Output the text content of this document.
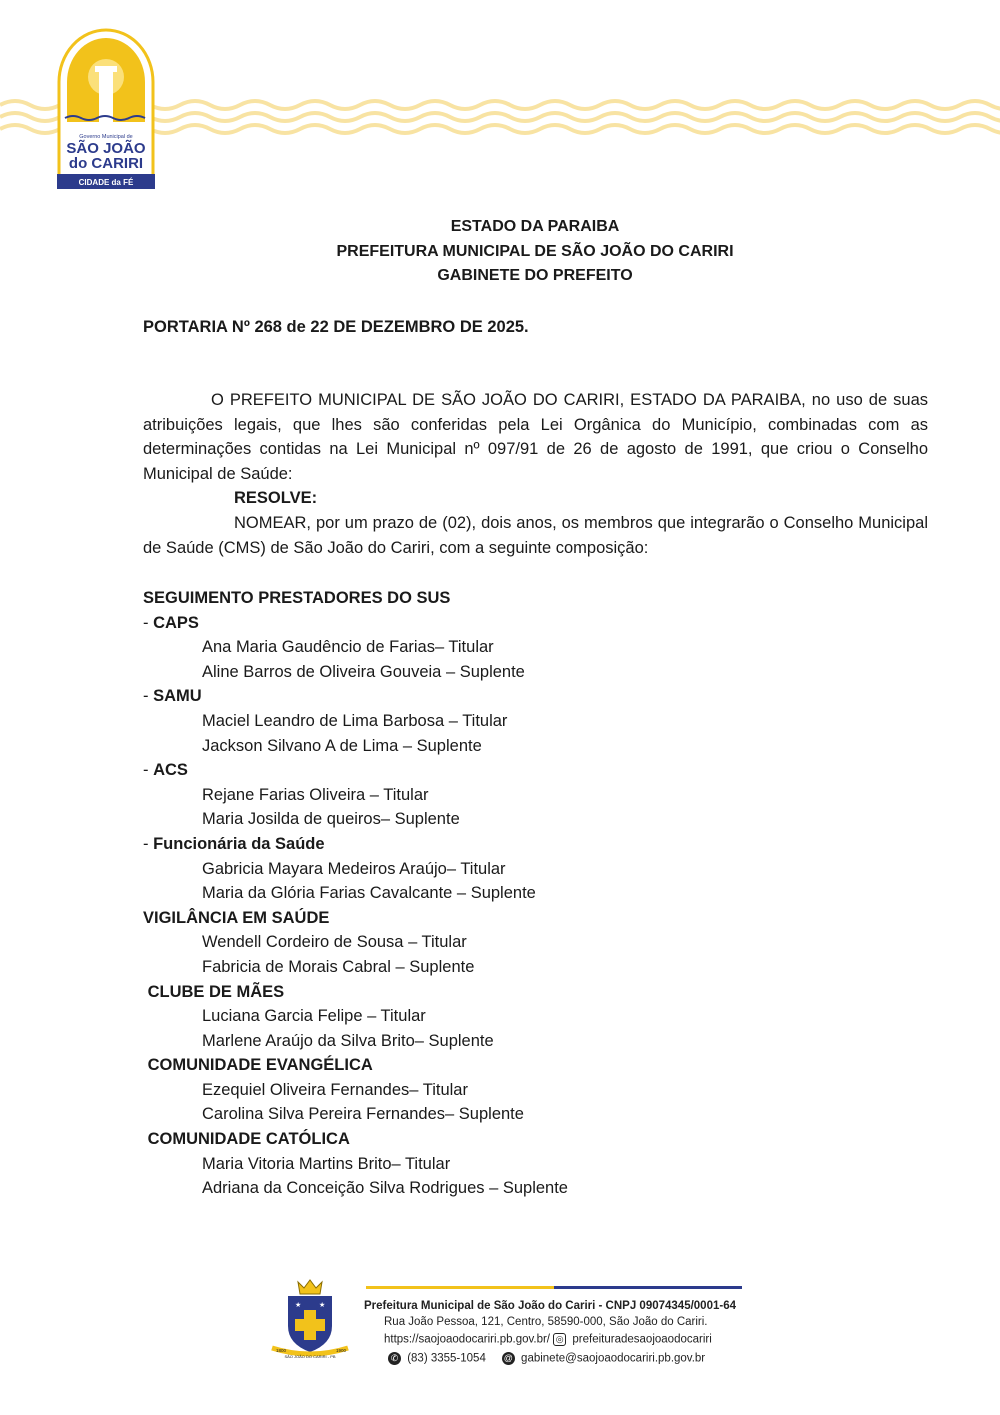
Governo Municipal de
SÃO JOÃO
do CARIRI
CIDADE da FÉ
ESTADO DA PARAIBA
PREFEITURA MUNICIPAL DE SÃO JOÃO DO CARIRI
GABINETE DO PREFEITO
PORTARIA Nº 268 de 22 DE DEZEMBRO DE 2025.
O PREFEITO MUNICIPAL DE SÃO JOÃO DO CARIRI, ESTADO DA PARAIBA, no uso de suas atribuições legais, que lhes são conferidas pela Lei Orgânica do Município, combinadas com as determinações contidas na Lei Municipal nº 097/91 de 26 de agosto de 1991, que criou o Conselho Municipal de Saúde:
RESOLVE:
NOMEAR, por um prazo de (02), dois anos, os membros que integrarão o Conselho Municipal de Saúde (CMS) de São João do Cariri, com a seguinte composição:
SEGUIMENTO PRESTADORES DO SUS
- CAPS
Ana Maria Gaudêncio de Farias– Titular
Aline Barros de Oliveira Gouveia – Suplente
- SAMU
Maciel Leandro de Lima Barbosa – Titular
Jackson Silvano A de Lima – Suplente
- ACS
Rejane Farias Oliveira – Titular
Maria Josilda de queiros– Suplente
- Funcionária da Saúde
Gabricia Mayara Medeiros Araújo– Titular
Maria da Glória Farias Cavalcante – Suplente
VIGILÂNCIA EM SAÚDE
Wendell Cordeiro de Sousa – Titular
Fabricia de Morais Cabral – Suplente
CLUBE DE MÃES
Luciana Garcia Felipe – Titular
Marlene Araújo da Silva Brito– Suplente
COMUNIDADE EVANGÉLICA
Ezequiel Oliveira Fernandes– Titular
Carolina Silva Pereira Fernandes– Suplente
COMUNIDADE CATÓLICA
Maria Vitoria Martins Brito– Titular
Adriana da Conceição Silva Rodrigues – Suplente
★	★
1800	1900
SÃO JOÃO DO CARIRI - PB
Prefeitura Municipal de São João do Cariri - CNPJ 09074345/0001-64
Rua João Pessoa, 121, Centro, 58590-000, São João do Cariri.
https://saojoaodocariri.pb.gov.br/ ◎ prefeituradesaojoaodocariri
✆ (83) 3355-1054 @ gabinete@saojoaodocariri.pb.gov.br
